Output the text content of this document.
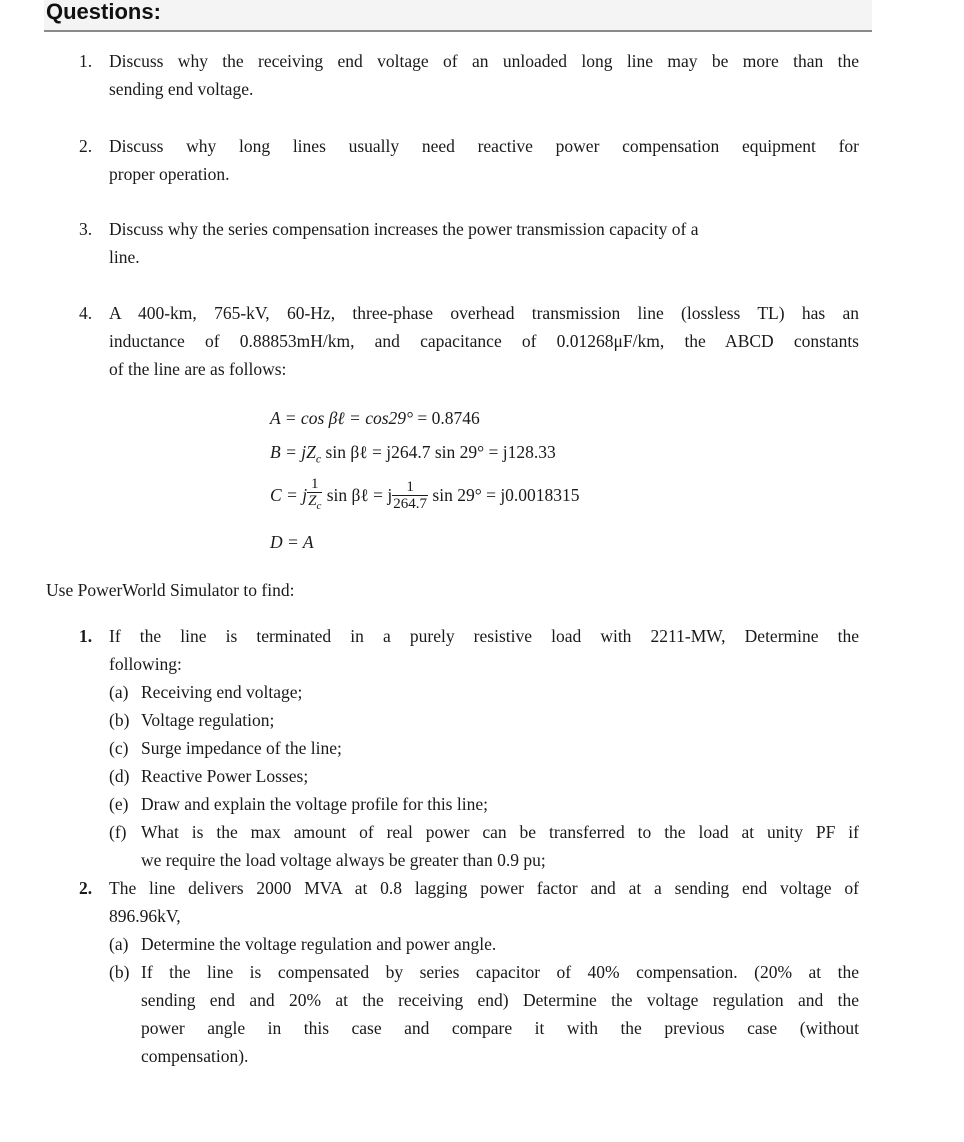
Questions:
1. Discuss why the receiving end voltage of an unloaded long line may be more than the
sending end voltage.
2. Discuss why long lines usually need reactive power compensation equipment for
proper operation.
3. Discuss why the series compensation increases the power transmission capacity of a
line.
4. A 400-km, 765-kV, 60-Hz, three-phase overhead transmission line (lossless TL) has an
inductance of 0.88853mH/km, and capacitance of 0.01268μF/km, the ABCD constants
of the line are as follows:
A = cos βℓ = cos29° = 0.8746
$B = jZ_c$ sin βℓ = j264.7 sin 29° = j128.33
C = j $\frac{1}{Z_c}$ sin βℓ = j $\frac{1}{264.7}$ sin 29° = j0.0018315
D = A
Use PowerWorld Simulator to find:
1. If the line is terminated in a purely resistive load with 2211-MW, Determine the
following:
(a) Receiving end voltage;
(b) Voltage regulation;
(c) Surge impedance of the line;
(d) Reactive Power Losses;
(e) Draw and explain the voltage profile for this line;
(f) What is the max amount of real power can be transferred to the load at unity PF if
we require the load voltage always be greater than 0.9 pu;
2. The line delivers 2000 MVA at 0.8 lagging power factor and at a sending end voltage of
896.96kV,
(a) Determine the voltage regulation and power angle.
(b) If the line is compensated by series capacitor of 40% compensation. (20% at the
sending end and 20% at the receiving end) Determine the voltage regulation and the
power angle in this case and compare it with the previous case (without
compensation).
